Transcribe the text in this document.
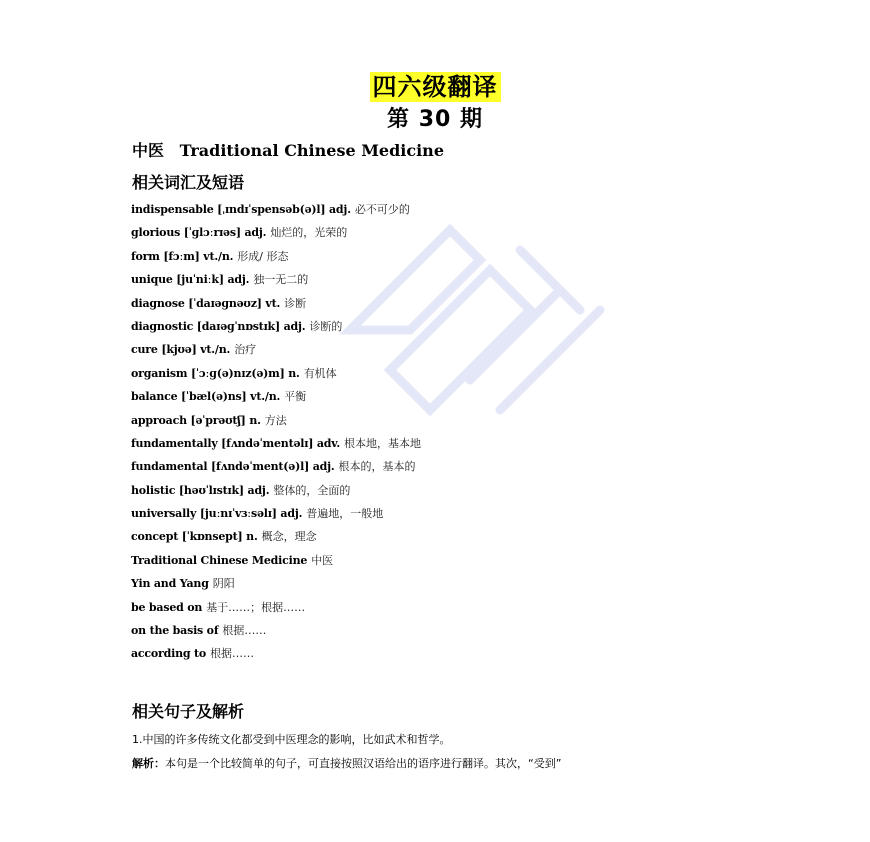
四六级翻译
第 30 期
中医 Traditional Chinese Medicine
相关词汇及短语
indispensable [ˌɪndɪˈspensəb(ə)l] adj. 必不可少的
glorious [ˈɡlɔːrɪəs] adj. 灿烂的，光荣的
form [fɔːm] vt./n. 形成/ 形态
unique [juˈniːk] adj. 独一无二的
diagnose [ˈdaɪəɡnəʊz] vt. 诊断
diagnostic [daɪəɡˈnɒstɪk] adj. 诊断的
cure [kjʊə] vt./n. 治疗
organism [ˈɔːɡ(ə)nɪz(ə)m] n. 有机体
balance [ˈbæl(ə)ns] vt./n. 平衡
approach [əˈprəʊtʃ] n. 方法
fundamentally [fʌndəˈmentəlɪ] adv. 根本地，基本地
fundamental [fʌndəˈment(ə)l] adj. 根本的，基本的
holistic [həʊˈlɪstɪk] adj. 整体的，全面的
universally [juːnɪˈvɜːsəlɪ] adj. 普遍地，一般地
concept [ˈkɒnsept] n. 概念，理念
Traditional Chinese Medicine 中医
Yin and Yang 阴阳
be based on 基于……；根据……
on the basis of 根据……
according to 根据……
相关句子及解析
1.中国的许多传统文化都受到中医理念的影响，比如武术和哲学。
解析：本句是一个比较简单的句子，可直接按照汉语给出的语序进行翻译。其次，“受到”
